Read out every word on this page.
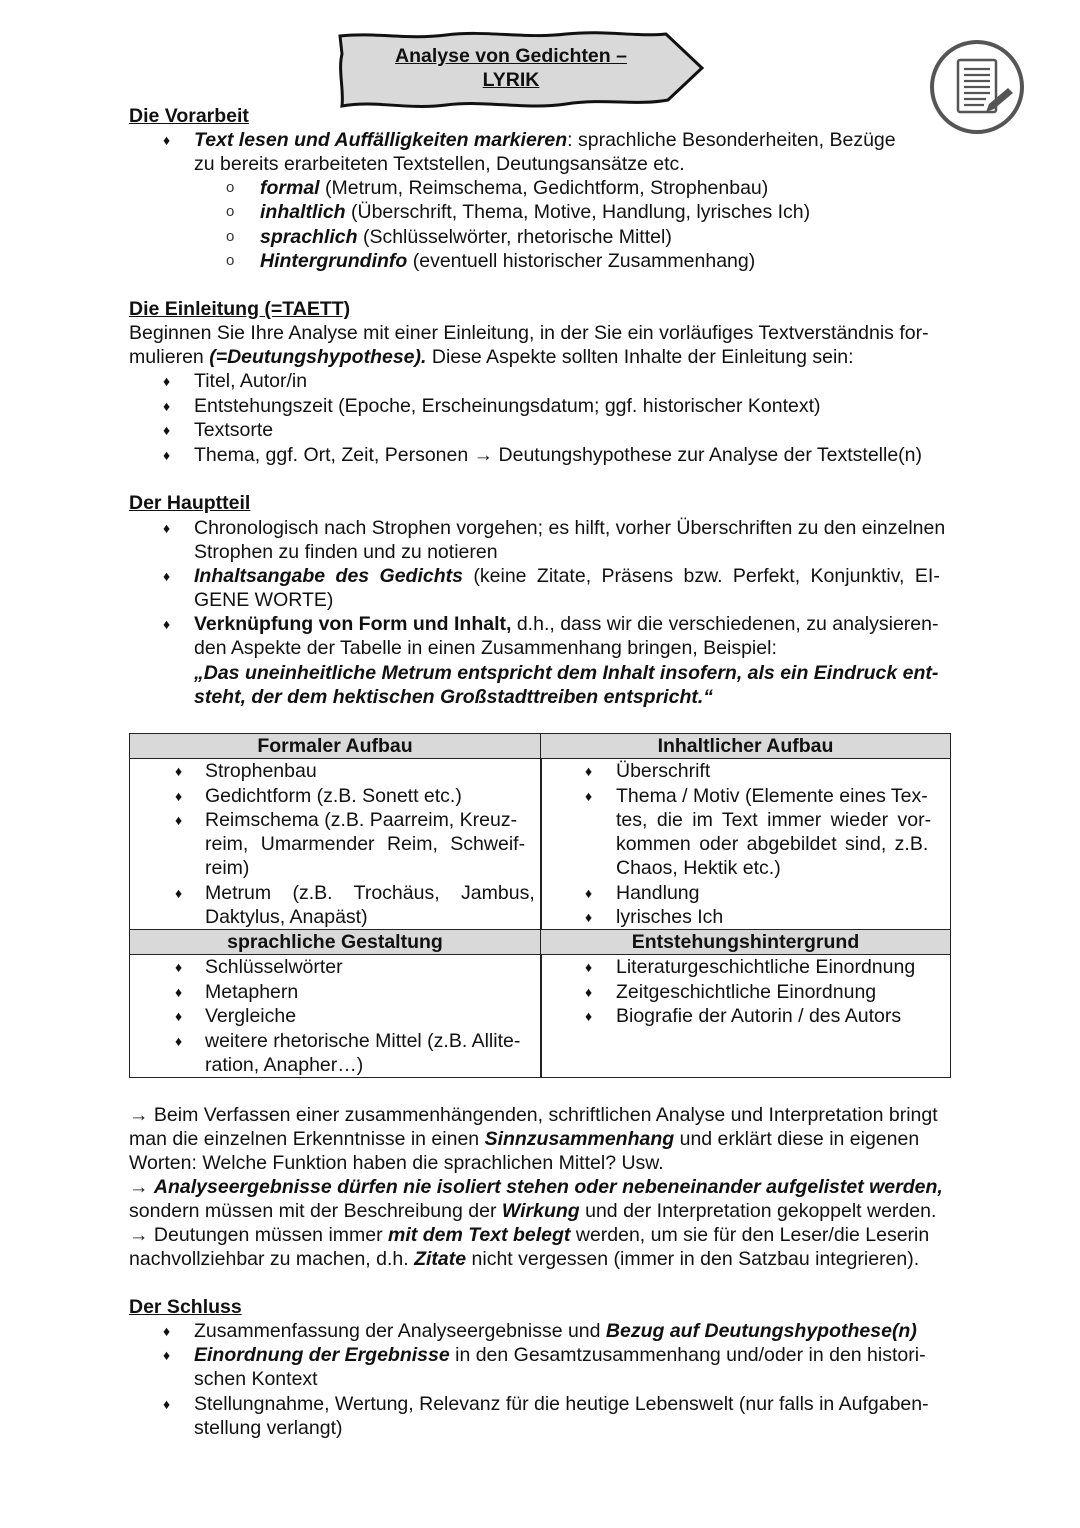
Analyse von Gedichten –
LYRIK
Die Vorarbeit
♦ Text lesen und Auffälligkeiten markieren: sprachliche Besonderheiten, Bezüge
zu bereits erarbeiteten Textstellen, Deutungsansätze etc.
o formal (Metrum, Reimschema, Gedichtform, Strophenbau)
o inhaltlich (Überschrift, Thema, Motive, Handlung, lyrisches Ich)
o sprachlich (Schlüsselwörter, rhetorische Mittel)
o Hintergrundinfo (eventuell historischer Zusammenhang)
Die Einleitung (=TAETT)
Beginnen Sie Ihre Analyse mit einer Einleitung, in der Sie ein vorläufiges Textverständnis for-
mulieren (=Deutungshypothese). Diese Aspekte sollten Inhalte der Einleitung sein:
♦ Titel, Autor/in
♦ Entstehungszeit (Epoche, Erscheinungsdatum; ggf. historischer Kontext)
♦ Textsorte
♦ Thema, ggf. Ort, Zeit, Personen → Deutungshypothese zur Analyse der Textstelle(n)
Der Hauptteil
♦ Chronologisch nach Strophen vorgehen; es hilft, vorher Überschriften zu den einzelnen
Strophen zu finden und zu notieren
♦ Inhaltsangabe des Gedichts (keine Zitate, Präsens bzw. Perfekt, Konjunktiv, EI-
GENE WORTE)
♦ Verknüpfung von Form und Inhalt, d.h., dass wir die verschiedenen, zu analysieren-
den Aspekte der Tabelle in einen Zusammenhang bringen, Beispiel:
„Das uneinheitliche Metrum entspricht dem Inhalt insofern, als ein Eindruck ent-
steht, der dem hektischen Großstadttreiben entspricht.“
Formaler Aufbau	Inhaltlicher Aufbau
♦ Strophenbau
♦ Gedichtform (z.B. Sonett etc.)
♦ Reimschema (z.B. Paarreim, Kreuz-
reim, Umarmender Reim, Schweif-
reim)
♦ Metrum (z.B. Trochäus, Jambus,
Daktylus, Anapäst)
♦ Überschrift
♦ Thema / Motiv (Elemente eines Tex-
tes, die im Text immer wieder vor-
kommen oder abgebildet sind, z.B.
Chaos, Hektik etc.)
♦ Handlung
♦ lyrisches Ich
sprachliche Gestaltung	Entstehungshintergrund
♦ Schlüsselwörter
♦ Metaphern
♦ Vergleiche
♦ weitere rhetorische Mittel (z.B. Allite-
ration, Anapher…)
♦ Literaturgeschichtliche Einordnung
♦ Zeitgeschichtliche Einordnung
♦ Biografie der Autorin / des Autors
→ Beim Verfassen einer zusammenhängenden, schriftlichen Analyse und Interpretation bringt
man die einzelnen Erkenntnisse in einen Sinnzusammenhang und erklärt diese in eigenen
Worten: Welche Funktion haben die sprachlichen Mittel? Usw.
→ Analyseergebnisse dürfen nie isoliert stehen oder nebeneinander aufgelistet werden,
sondern müssen mit der Beschreibung der Wirkung und der Interpretation gekoppelt werden.
→ Deutungen müssen immer mit dem Text belegt werden, um sie für den Leser/die Leserin
nachvollziehbar zu machen, d.h. Zitate nicht vergessen (immer in den Satzbau integrieren).
Der Schluss
♦ Zusammenfassung der Analyseergebnisse und Bezug auf Deutungshypothese(n)
♦ Einordnung der Ergebnisse in den Gesamtzusammenhang und/oder in den histori-
schen Kontext
♦ Stellungnahme, Wertung, Relevanz für die heutige Lebenswelt (nur falls in Aufgaben-
stellung verlangt)
